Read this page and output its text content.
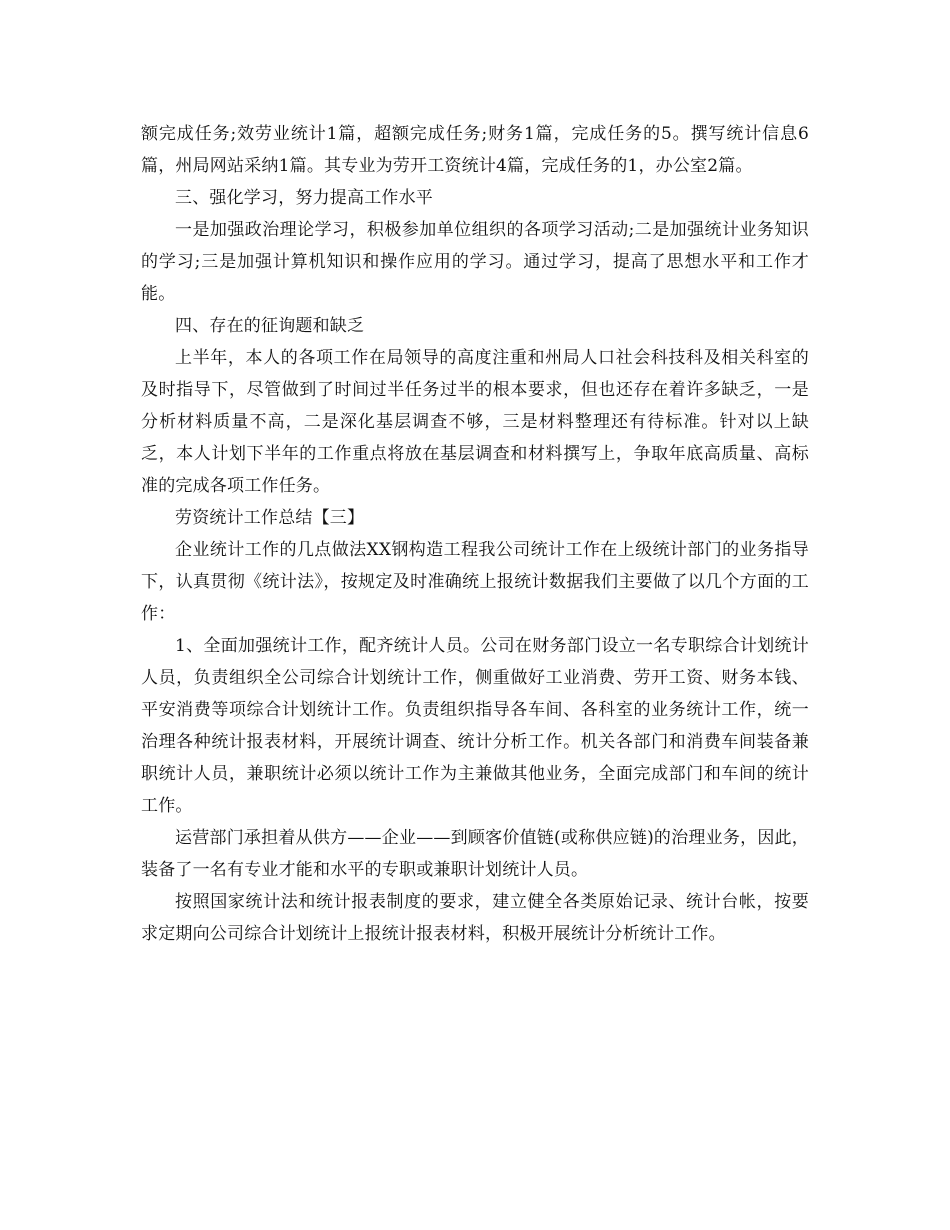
额完成任务;效劳业统计1篇，超额完成任务;财务1篇，完成任务的5。撰写统计信息6篇，州局网站采纳1篇。其专业为劳开工资统计4篇，完成任务的1，办公室2篇。

三、强化学习，努力提高工作水平

一是加强政治理论学习，积极参加单位组织的各项学习活动;二是加强统计业务知识的学习;三是加强计算机知识和操作应用的学习。通过学习，提高了思想水平和工作才能。

四、存在的征询题和缺乏

上半年，本人的各项工作在局领导的高度注重和州局人口社会科技科及相关科室的及时指导下，尽管做到了时间过半任务过半的根本要求，但也还存在着许多缺乏，一是分析材料质量不高，二是深化基层调查不够，三是材料整理还有待标准。针对以上缺乏，本人计划下半年的工作重点将放在基层调查和材料撰写上，争取年底高质量、高标准的完成各项工作任务。

劳资统计工作总结【三】

企业统计工作的几点做法XX钢构造工程我公司统计工作在上级统计部门的业务指导下，认真贯彻《统计法》，按规定及时准确统上报统计数据我们主要做了以几个方面的工作：

1、全面加强统计工作，配齐统计人员。公司在财务部门设立一名专职综合计划统计人员，负责组织全公司综合计划统计工作，侧重做好工业消费、劳开工资、财务本钱、平安消费等项综合计划统计工作。负责组织指导各车间、各科室的业务统计工作，统一治理各种统计报表材料，开展统计调查、统计分析工作。机关各部门和消费车间装备兼职统计人员，兼职统计必须以统计工作为主兼做其他业务，全面完成部门和车间的统计工作。

运营部门承担着从供方——企业——到顾客价值链(或称供应链)的治理业务，因此，装备了一名有专业才能和水平的专职或兼职计划统计人员。

按照国家统计法和统计报表制度的要求，建立健全各类原始记录、统计台帐，按要求定期向公司综合计划统计上报统计报表材料，积极开展统计分析统计工作。
